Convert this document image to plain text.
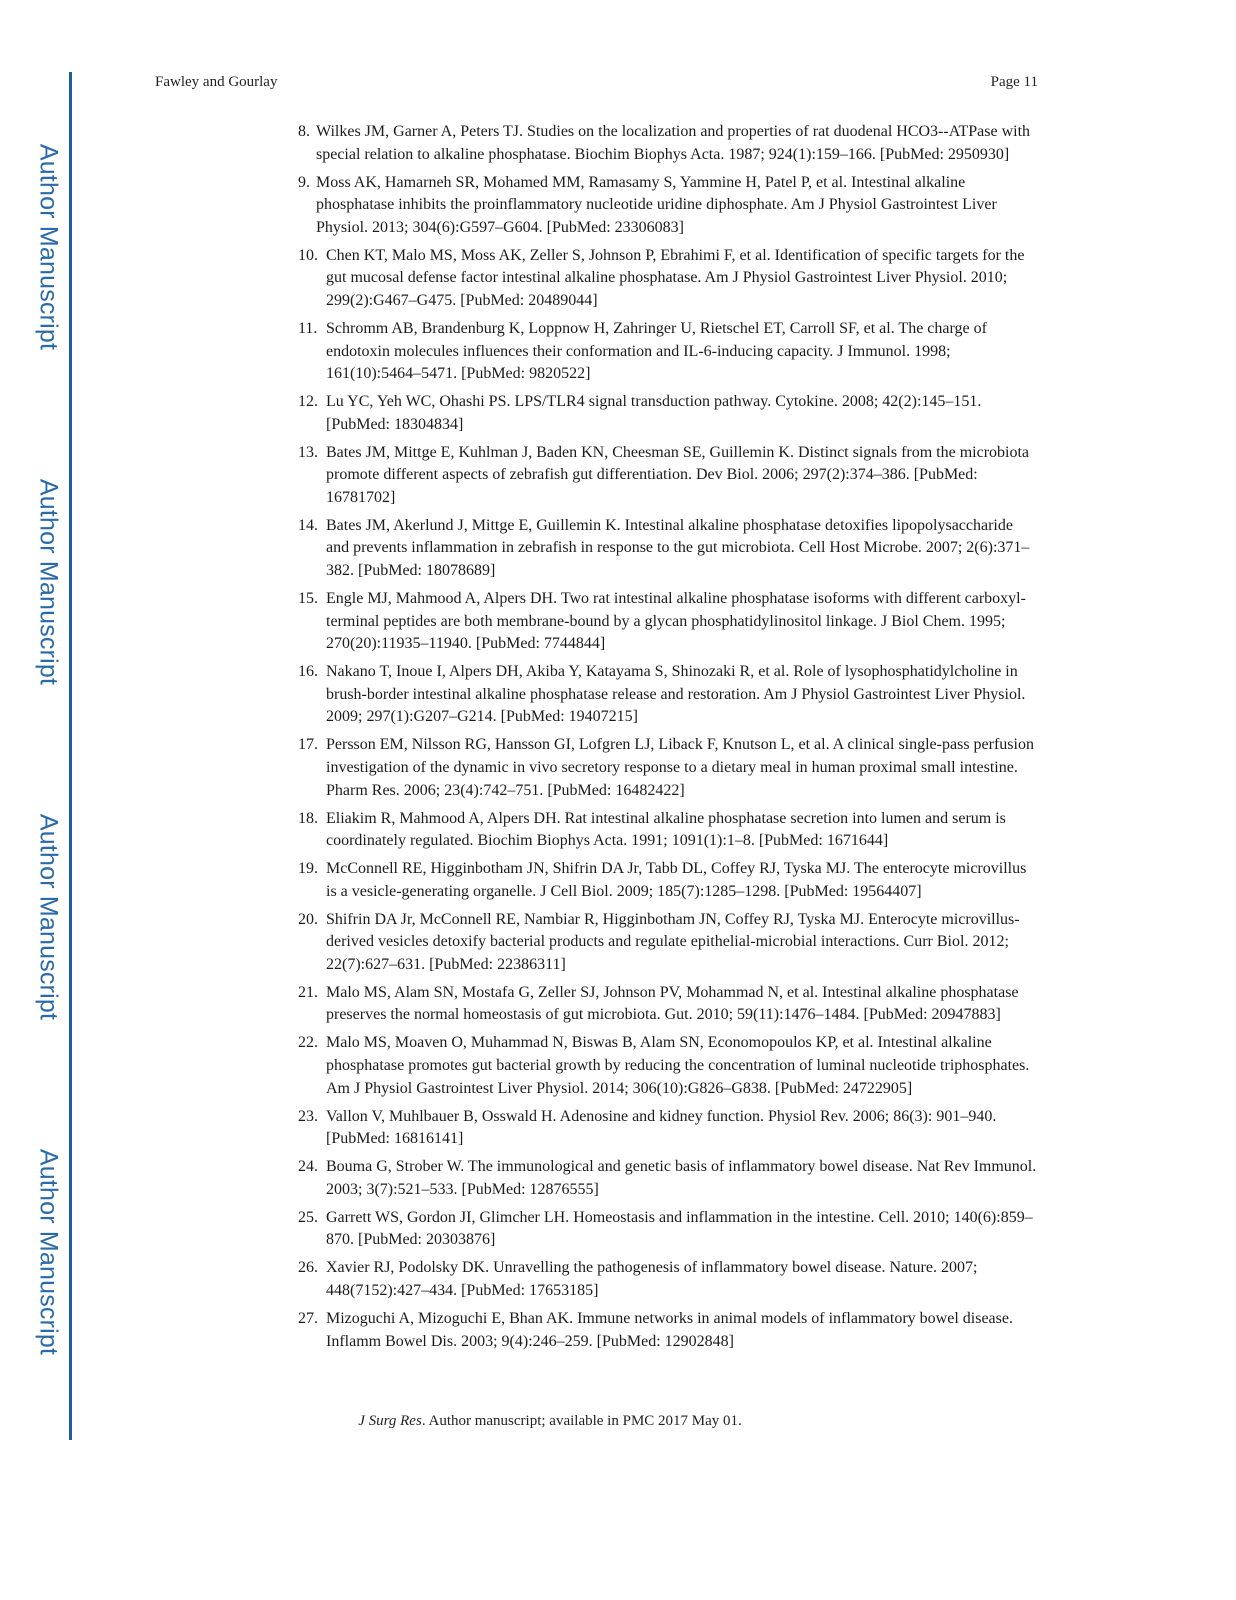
Author Manuscript
Author Manuscript
Author Manuscript
Author Manuscript
Fawley and Gourlay	Page 11
8. Wilkes JM, Garner A, Peters TJ. Studies on the localization and properties of rat duodenal HCO3--ATPase with special relation to alkaline phosphatase. Biochim Biophys Acta. 1987; 924(1):159–166. [PubMed: 2950930]
9. Moss AK, Hamarneh SR, Mohamed MM, Ramasamy S, Yammine H, Patel P, et al. Intestinal alkaline phosphatase inhibits the proinflammatory nucleotide uridine diphosphate. Am J Physiol Gastrointest Liver Physiol. 2013; 304(6):G597–G604. [PubMed: 23306083]
10. Chen KT, Malo MS, Moss AK, Zeller S, Johnson P, Ebrahimi F, et al. Identification of specific targets for the gut mucosal defense factor intestinal alkaline phosphatase. Am J Physiol Gastrointest Liver Physiol. 2010; 299(2):G467–G475. [PubMed: 20489044]
11. Schromm AB, Brandenburg K, Loppnow H, Zahringer U, Rietschel ET, Carroll SF, et al. The charge of endotoxin molecules influences their conformation and IL-6-inducing capacity. J Immunol. 1998; 161(10):5464–5471. [PubMed: 9820522]
12. Lu YC, Yeh WC, Ohashi PS. LPS/TLR4 signal transduction pathway. Cytokine. 2008; 42(2):145–151. [PubMed: 18304834]
13. Bates JM, Mittge E, Kuhlman J, Baden KN, Cheesman SE, Guillemin K. Distinct signals from the microbiota promote different aspects of zebrafish gut differentiation. Dev Biol. 2006; 297(2):374–386. [PubMed: 16781702]
14. Bates JM, Akerlund J, Mittge E, Guillemin K. Intestinal alkaline phosphatase detoxifies lipopolysaccharide and prevents inflammation in zebrafish in response to the gut microbiota. Cell Host Microbe. 2007; 2(6):371–382. [PubMed: 18078689]
15. Engle MJ, Mahmood A, Alpers DH. Two rat intestinal alkaline phosphatase isoforms with different carboxyl-terminal peptides are both membrane-bound by a glycan phosphatidylinositol linkage. J Biol Chem. 1995; 270(20):11935–11940. [PubMed: 7744844]
16. Nakano T, Inoue I, Alpers DH, Akiba Y, Katayama S, Shinozaki R, et al. Role of lysophosphatidylcholine in brush-border intestinal alkaline phosphatase release and restoration. Am J Physiol Gastrointest Liver Physiol. 2009; 297(1):G207–G214. [PubMed: 19407215]
17. Persson EM, Nilsson RG, Hansson GI, Lofgren LJ, Liback F, Knutson L, et al. A clinical single-pass perfusion investigation of the dynamic in vivo secretory response to a dietary meal in human proximal small intestine. Pharm Res. 2006; 23(4):742–751. [PubMed: 16482422]
18. Eliakim R, Mahmood A, Alpers DH. Rat intestinal alkaline phosphatase secretion into lumen and serum is coordinately regulated. Biochim Biophys Acta. 1991; 1091(1):1–8. [PubMed: 1671644]
19. McConnell RE, Higginbotham JN, Shifrin DA Jr, Tabb DL, Coffey RJ, Tyska MJ. The enterocyte microvillus is a vesicle-generating organelle. J Cell Biol. 2009; 185(7):1285–1298. [PubMed: 19564407]
20. Shifrin DA Jr, McConnell RE, Nambiar R, Higginbotham JN, Coffey RJ, Tyska MJ. Enterocyte microvillus-derived vesicles detoxify bacterial products and regulate epithelial-microbial interactions. Curr Biol. 2012; 22(7):627–631. [PubMed: 22386311]
21. Malo MS, Alam SN, Mostafa G, Zeller SJ, Johnson PV, Mohammad N, et al. Intestinal alkaline phosphatase preserves the normal homeostasis of gut microbiota. Gut. 2010; 59(11):1476–1484. [PubMed: 20947883]
22. Malo MS, Moaven O, Muhammad N, Biswas B, Alam SN, Economopoulos KP, et al. Intestinal alkaline phosphatase promotes gut bacterial growth by reducing the concentration of luminal nucleotide triphosphates. Am J Physiol Gastrointest Liver Physiol. 2014; 306(10):G826–G838. [PubMed: 24722905]
23. Vallon V, Muhlbauer B, Osswald H. Adenosine and kidney function. Physiol Rev. 2006; 86(3): 901–940. [PubMed: 16816141]
24. Bouma G, Strober W. The immunological and genetic basis of inflammatory bowel disease. Nat Rev Immunol. 2003; 3(7):521–533. [PubMed: 12876555]
25. Garrett WS, Gordon JI, Glimcher LH. Homeostasis and inflammation in the intestine. Cell. 2010; 140(6):859–870. [PubMed: 20303876]
26. Xavier RJ, Podolsky DK. Unravelling the pathogenesis of inflammatory bowel disease. Nature. 2007; 448(7152):427–434. [PubMed: 17653185]
27. Mizoguchi A, Mizoguchi E, Bhan AK. Immune networks in animal models of inflammatory bowel disease. Inflamm Bowel Dis. 2003; 9(4):246–259. [PubMed: 12902848]
J Surg Res. Author manuscript; available in PMC 2017 May 01.
